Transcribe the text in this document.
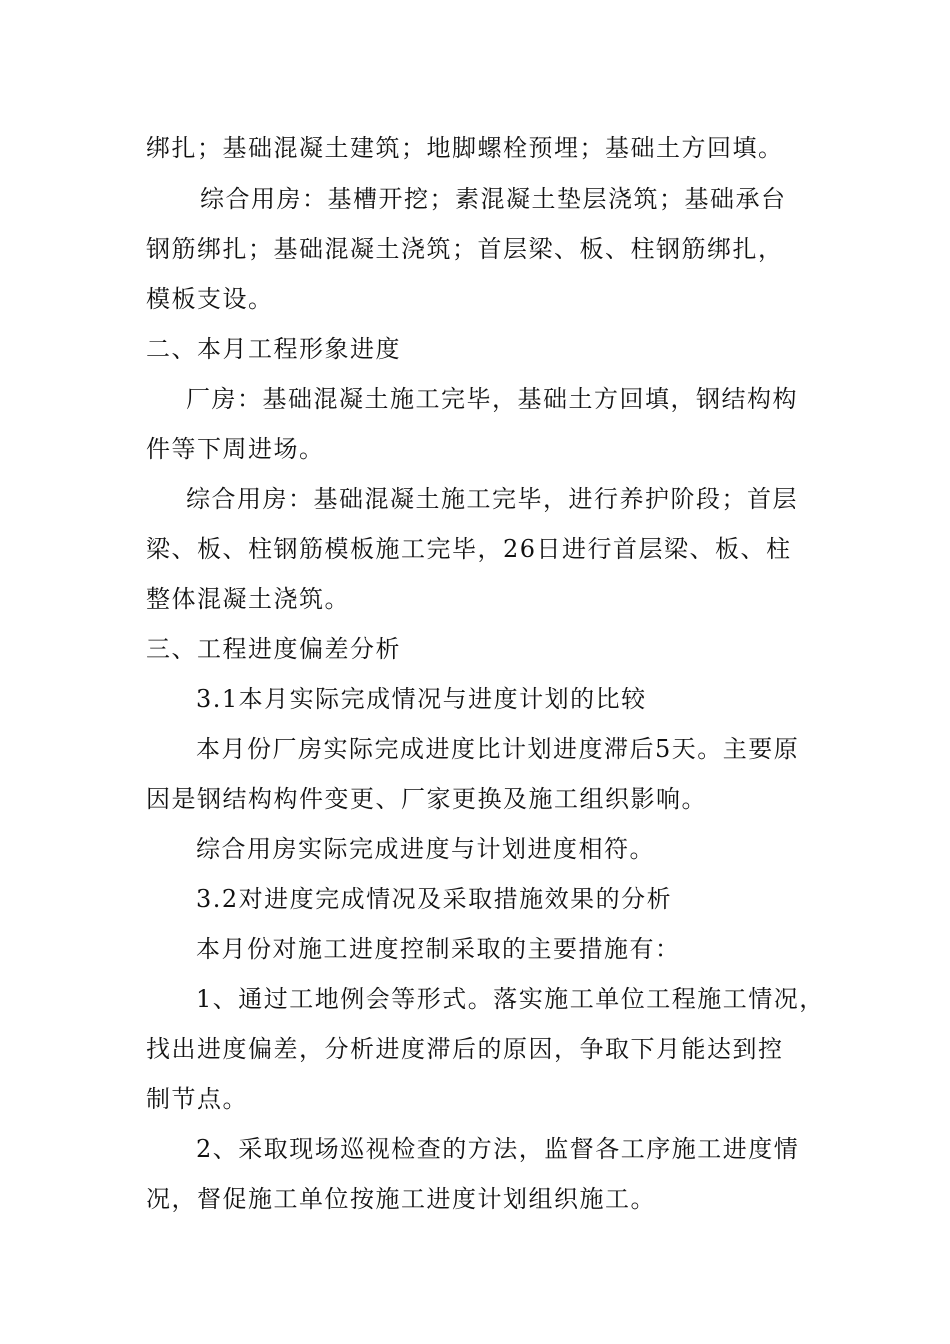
绑扎；基础混凝土建筑；地脚螺栓预埋；基础土方回填。
综合用房：基槽开挖；素混凝土垫层浇筑；基础承台
钢筋绑扎；基础混凝土浇筑；首层梁、板、柱钢筋绑扎，
模板支设。
二、本月工程形象进度
厂房：基础混凝土施工完毕，基础土方回填，钢结构构
件等下周进场。
综合用房：基础混凝土施工完毕，进行养护阶段；首层
梁、板、柱钢筋模板施工完毕，26日进行首层梁、板、柱
整体混凝土浇筑。
三、工程进度偏差分析
3.1本月实际完成情况与进度计划的比较
本月份厂房实际完成进度比计划进度滞后5天。主要原
因是钢结构构件变更、厂家更换及施工组织影响。
综合用房实际完成进度与计划进度相符。
3.2对进度完成情况及采取措施效果的分析
本月份对施工进度控制采取的主要措施有：
1、通过工地例会等形式。落实施工单位工程施工情况，
找出进度偏差，分析进度滞后的原因，争取下月能达到控
制节点。
2、采取现场巡视检查的方法，监督各工序施工进度情
况，督促施工单位按施工进度计划组织施工。
